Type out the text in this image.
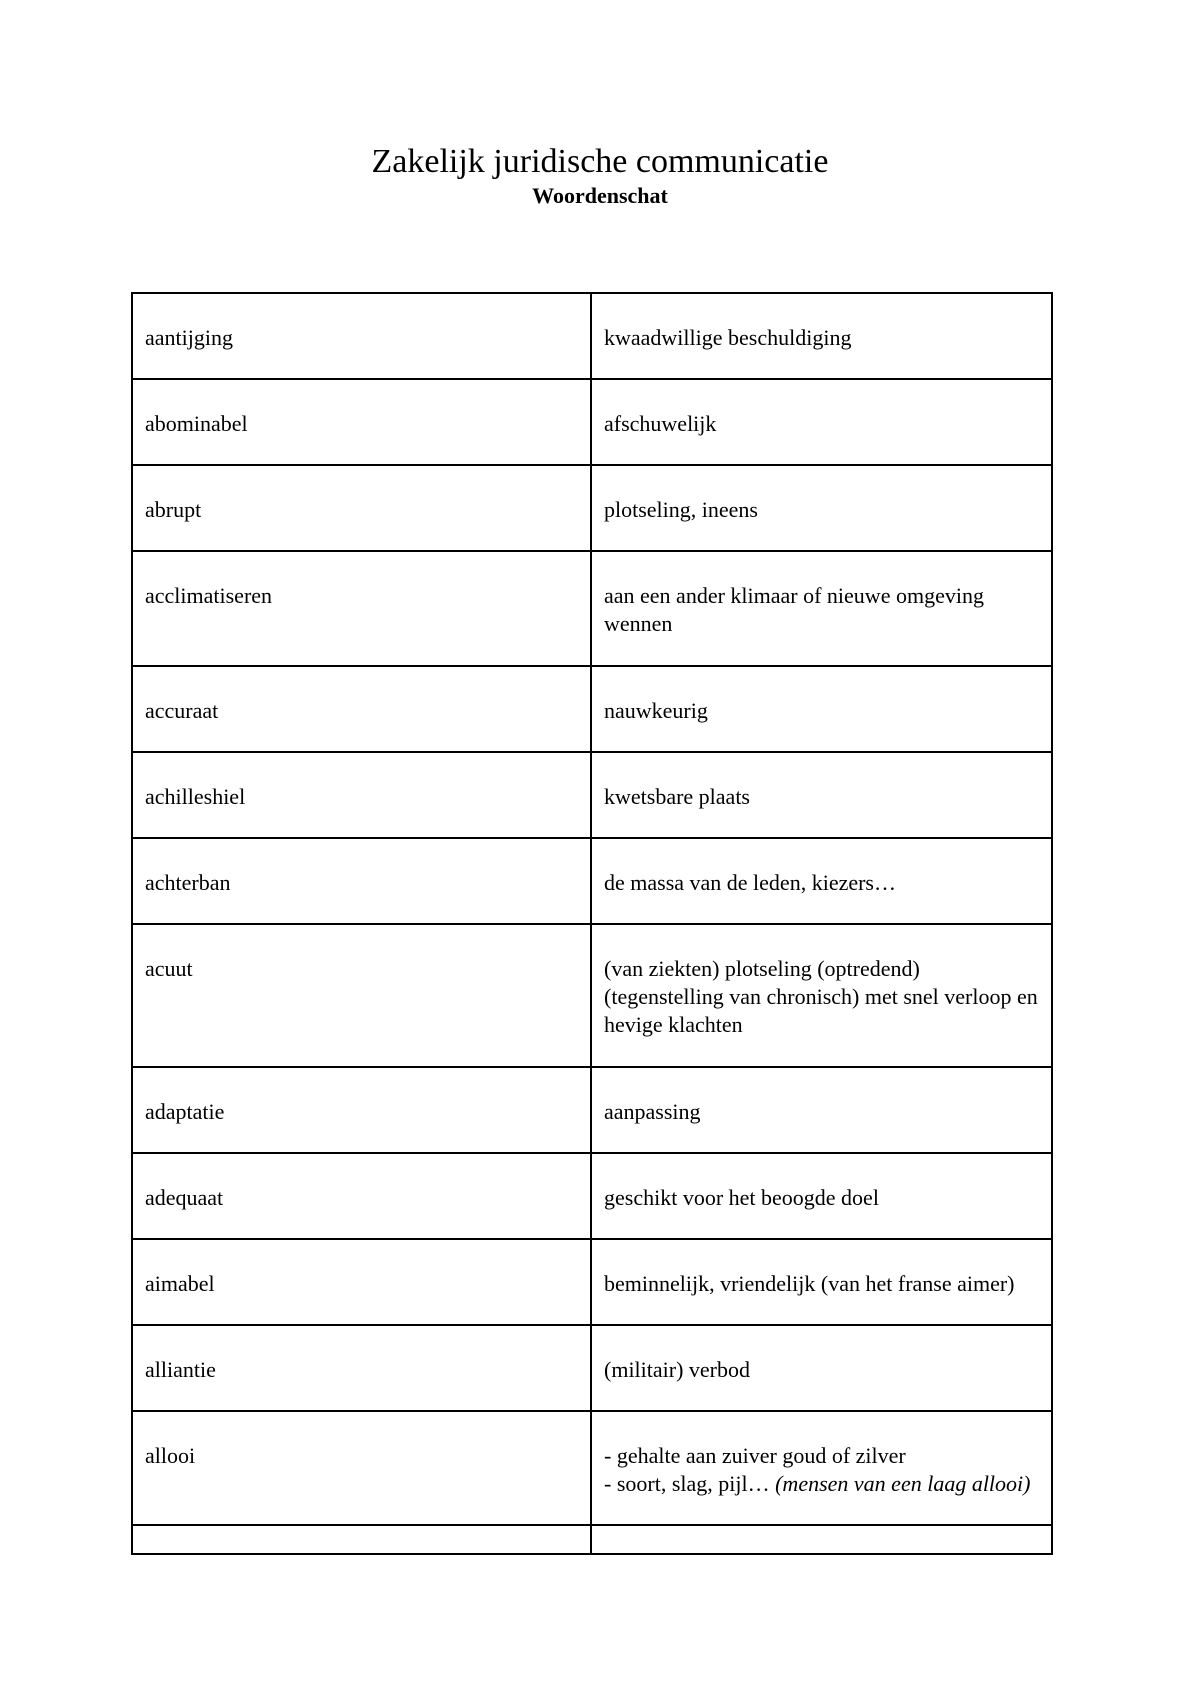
Zakelijk juridische communicatie
Woordenschat
aantijging	kwaadwillige beschuldiging
abominabel	afschuwelijk
abrupt	plotseling, ineens
acclimatiseren	aan een ander klimaar of nieuwe omgeving wennen
accuraat	nauwkeurig
achilleshiel	kwetsbare plaats
achterban	de massa van de leden, kiezers…
acuut	(van ziekten) plotseling (optredend) (tegenstelling van chronisch) met snel verloop en hevige klachten
adaptatie	aanpassing
adequaat	geschikt voor het beoogde doel
aimabel	beminnelijk, vriendelijk (van het franse aimer)
alliantie	(militair) verbod
allooi	- gehalte aan zuiver goud of zilver
- soort, slag, pijl… (mensen van een laag allooi)
